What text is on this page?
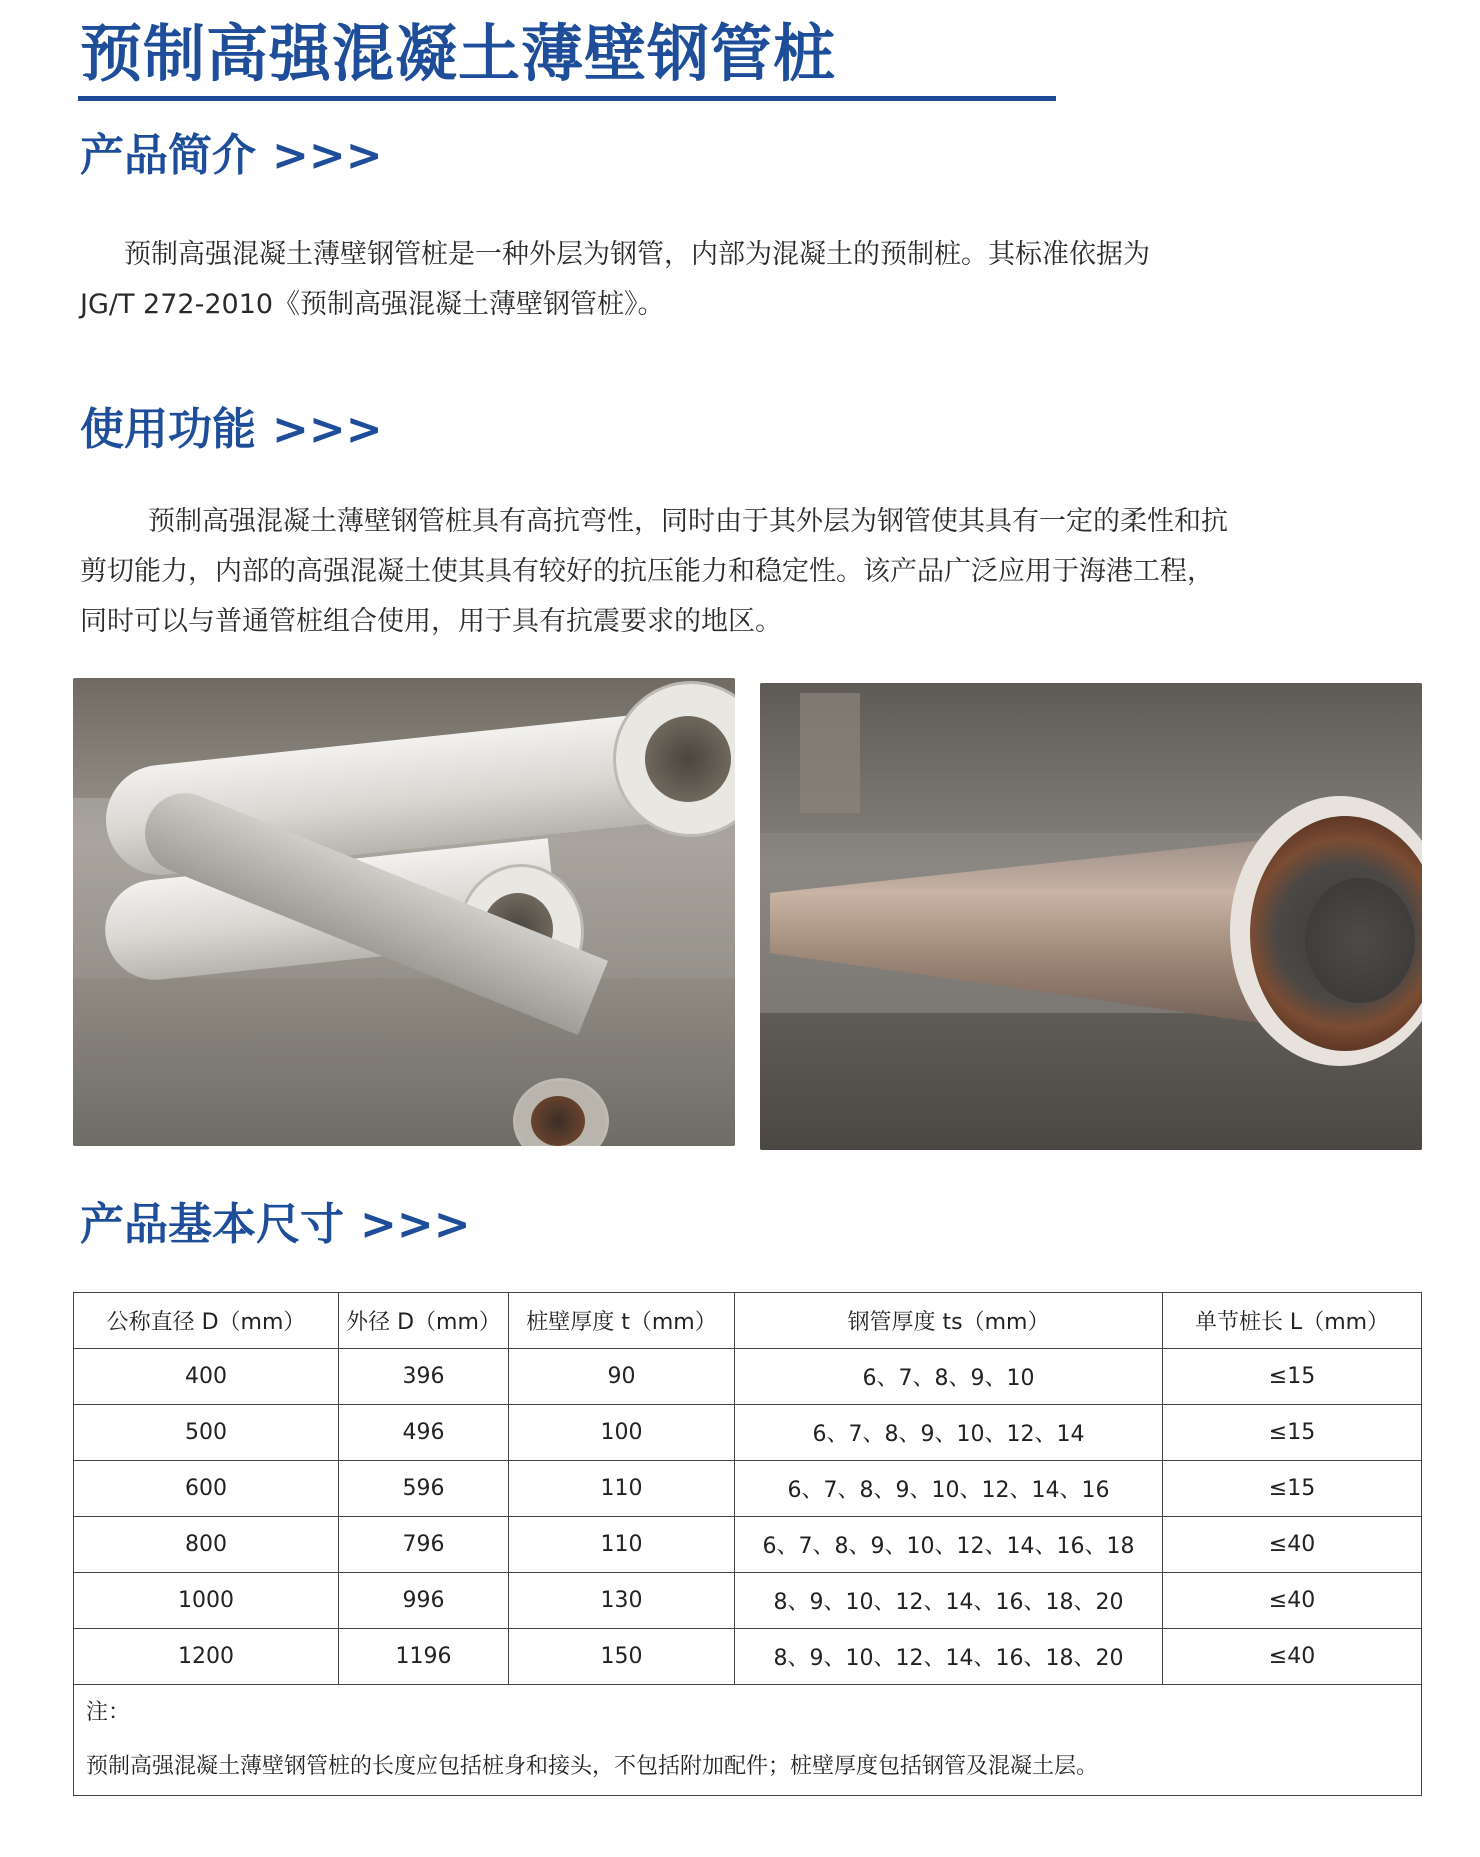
预制高强混凝土薄壁钢管桩
产品简介 >>>

预制高强混凝土薄壁钢管桩是一种外层为钢管，内部为混凝土的预制桩。其标准依据为
JG/T 272-2010《预制高强混凝土薄壁钢管桩》。

使用功能 >>>

预制高强混凝土薄壁钢管桩具有高抗弯性，同时由于其外层为钢管使其具有一定的柔性和抗
剪切能力，内部的高强混凝土使其具有较好的抗压能力和稳定性。该产品广泛应用于海港工程，
同时可以与普通管桩组合使用，用于具有抗震要求的地区。

产品基本尺寸 >>>
公称直径 D（mm）	外径 D（mm）	桩壁厚度 t（mm）	钢管厚度 ts（mm）	单节桩长 L（mm）
400	396	90	6、7、8、9、10	≤15
500	496	100	6、7、8、9、10、12、14	≤15
600	596	110	6、7、8、9、10、12、14、16	≤15
800	796	110	6、7、8、9、10、12、14、16、18	≤40
1000	996	130	8、9、10、12、14、16、18、20	≤40
1200	1196	150	8、9、10、12、14、16、18、20	≤40

注：
预制高强混凝土薄壁钢管桩的长度应包括桩身和接头，不包括附加配件；桩壁厚度包括钢管及混凝土层。				
